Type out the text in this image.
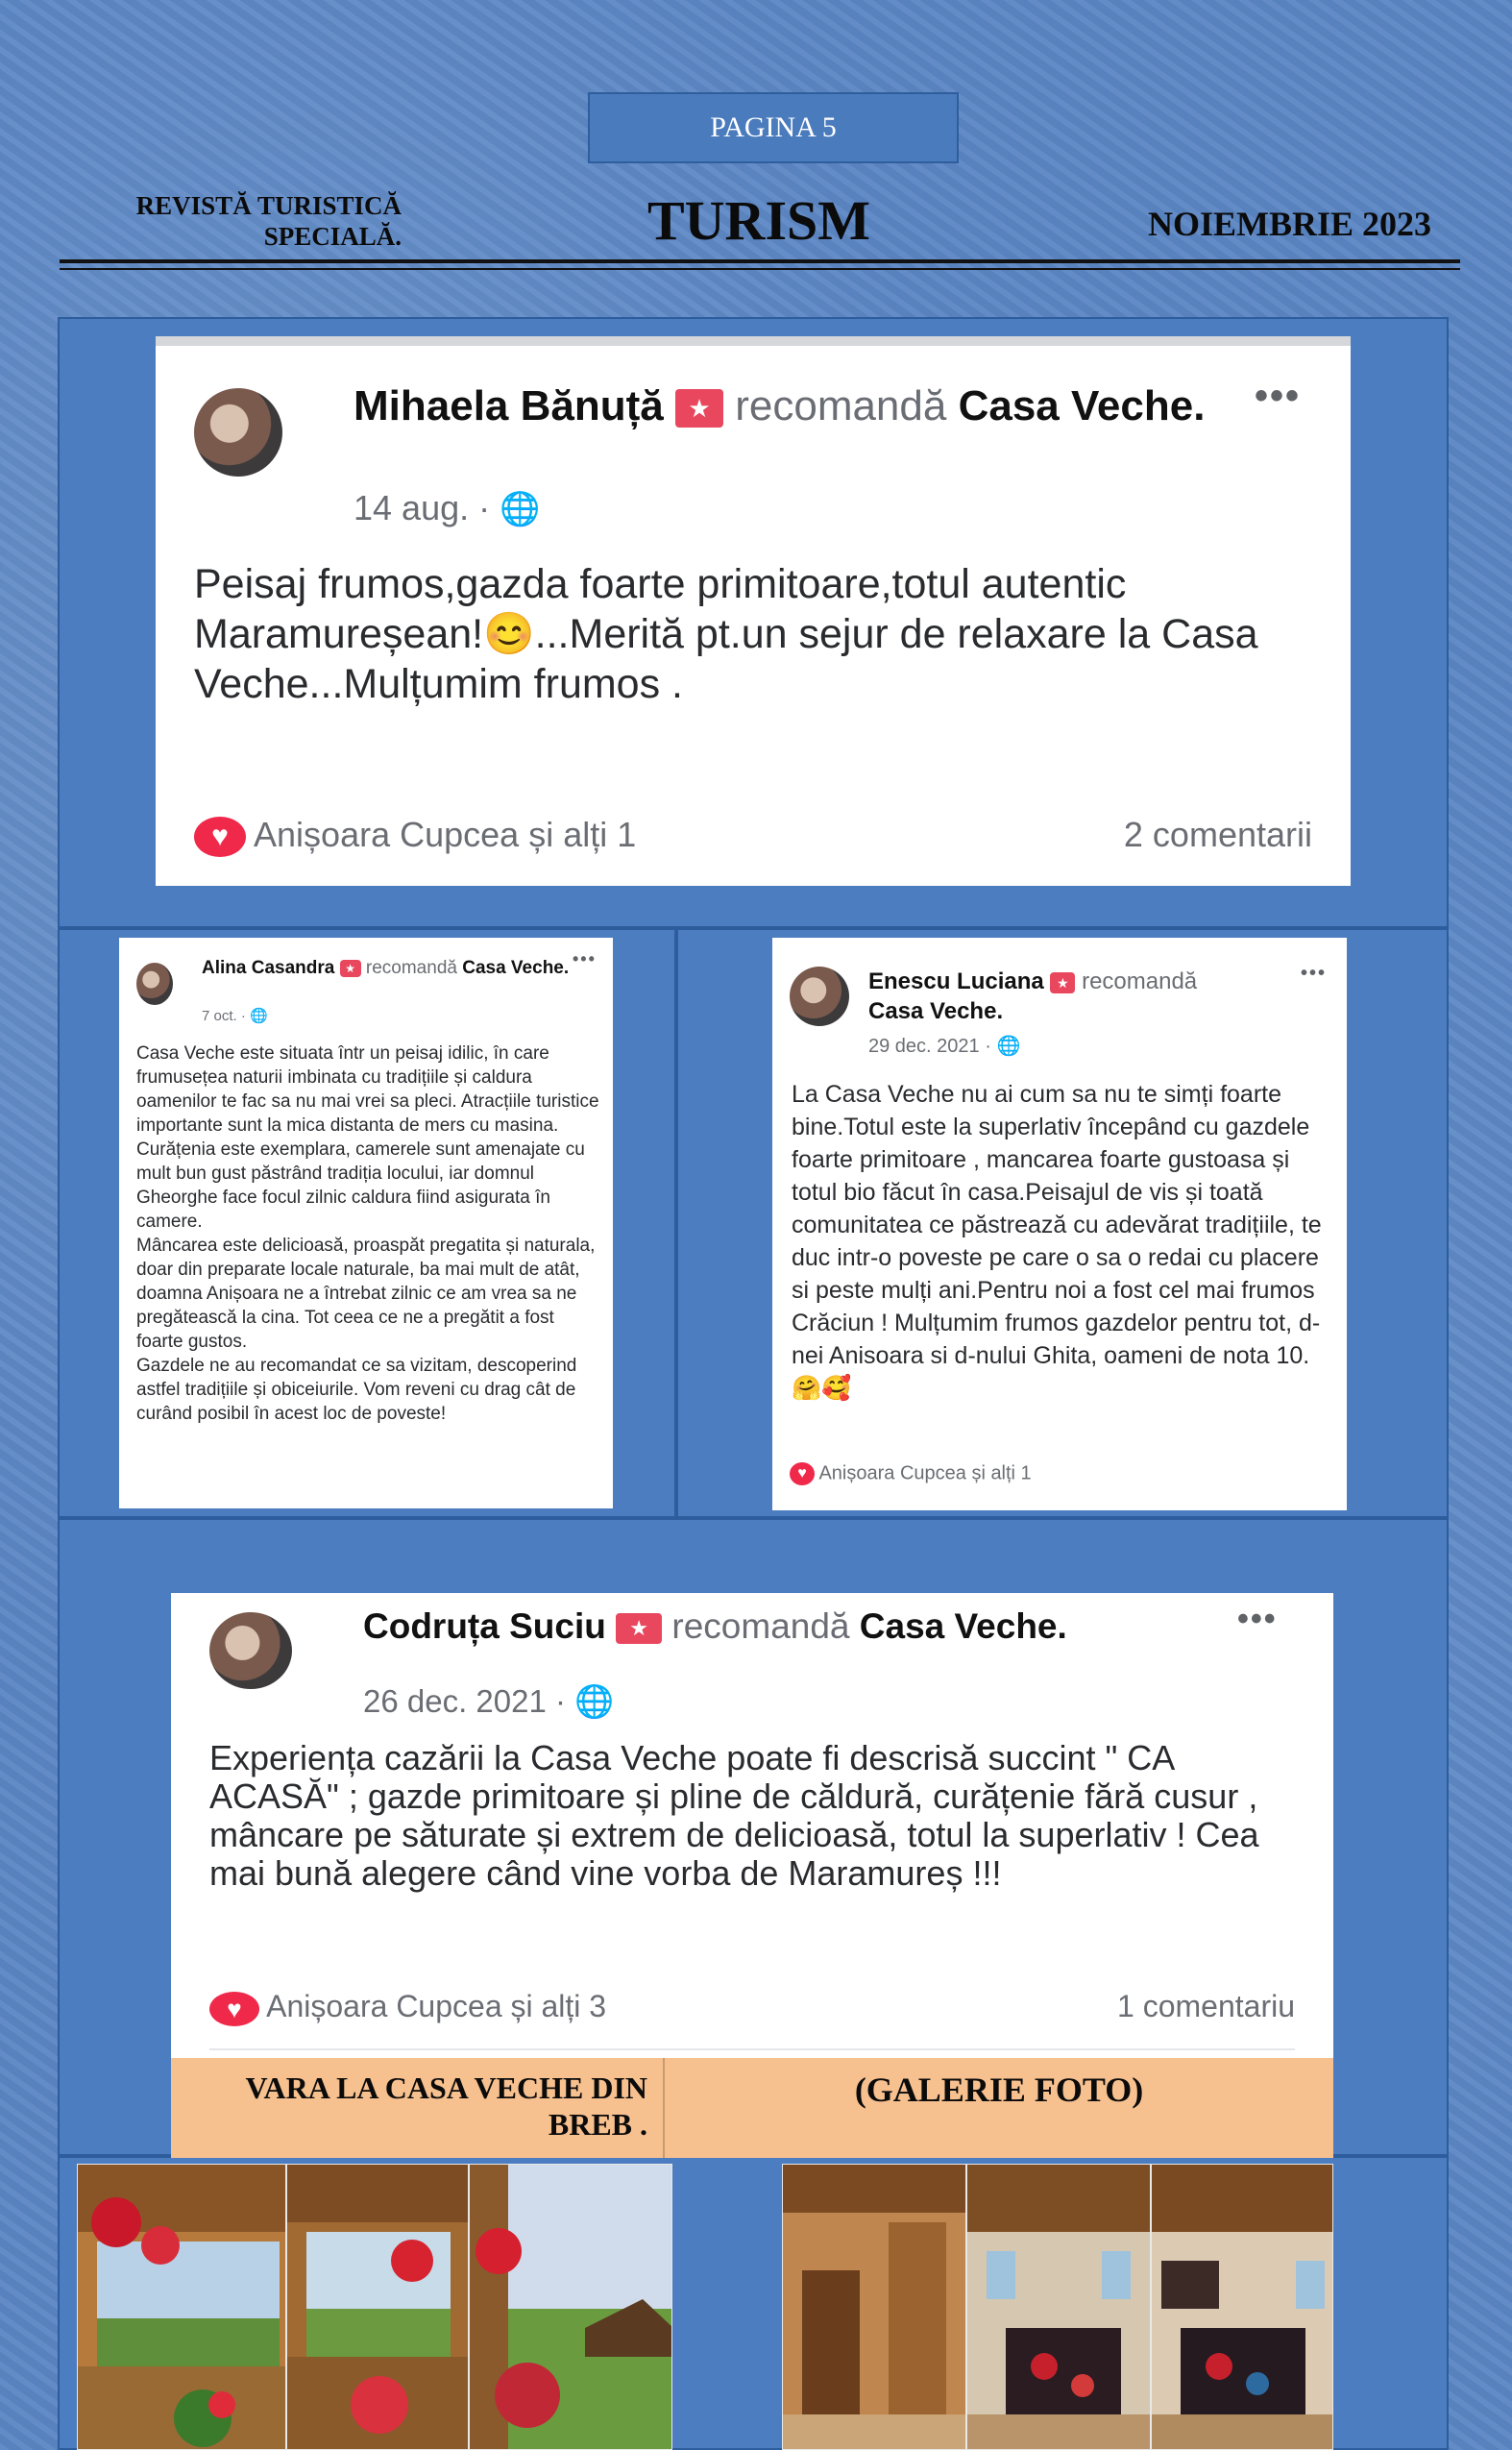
PAGINA 5
REVISTĂ TURISTICĂ
SPECIALĂ.	TURISM	NOIEMBRIE 2023
Mihaela Bănuță ★ recomandă Casa Veche.	•••
14 aug. · 🌐
Peisaj frumos,gazda foarte primitoare,totul autentic Maramureșean!😊...Merită pt.un sejur de relaxare la Casa Veche...Mulțumim frumos .
♥ Anișoara Cupcea și alți 1	2 comentarii
Alina Casandra ★ recomandă Casa Veche. •••
7 oct. · 🌐
Casa Veche este situata într un peisaj idilic, în care frumusețea naturii imbinata cu tradițiile și caldura oamenilor te fac sa nu mai vrei sa pleci. Atracțiile turistice importante sunt la mica distanta de mers cu masina.
Curățenia este exemplara, camerele sunt amenajate cu mult bun gust păstrând tradiția locului, iar domnul Gheorghe face focul zilnic caldura fiind asigurata în camere.
Mâncarea este delicioasă, proaspăt pregatita și naturala, doar din preparate locale naturale, ba mai mult de atât, doamna Anișoara ne a întrebat zilnic ce am vrea sa ne pregătească la cina. Tot ceea ce ne a pregătit a fost foarte gustos.
Gazdele ne au recomandat ce sa vizitam, descoperind astfel tradițiile și obiceiurile. Vom reveni cu drag cât de curând posibil în acest loc de poveste!
Enescu Luciana ★ recomandă
Casa Veche.
•••
29 dec. 2021 · 🌐
La Casa Veche nu ai cum sa nu te simți foarte bine.Totul este la superlativ începând cu gazdele foarte primitoare , mancarea foarte gustoasa și totul bio făcut în casa.Peisajul de vis și toată comunitatea ce păstrează cu adevărat tradițiile, te duc intr-o poveste pe care o sa o redai cu placere si peste mulți ani.Pentru noi a fost cel mai frumos Crăciun ! Mulțumim frumos gazdelor pentru tot, d-nei Anisoara si d-nului Ghita, oameni de nota 10. 🤗🥰
♥ Anișoara Cupcea și alți 1
Codruța Suciu ★ recomandă Casa Veche.	•••
26 dec. 2021 · 🌐
Experiența cazării la Casa Veche poate fi descrisă succint " CA ACASĂ" ; gazde primitoare și pline de căldură, curățenie fără cusur , mâncare pe săturate și extrem de delicioasă, totul la superlativ ! Cea mai bună alegere când vine vorba de Maramureș !!!
♥ Anișoara Cupcea și alți 3	1 comentariu
VARA LA CASA VECHE DIN BREB .
(GALERIE FOTO)
